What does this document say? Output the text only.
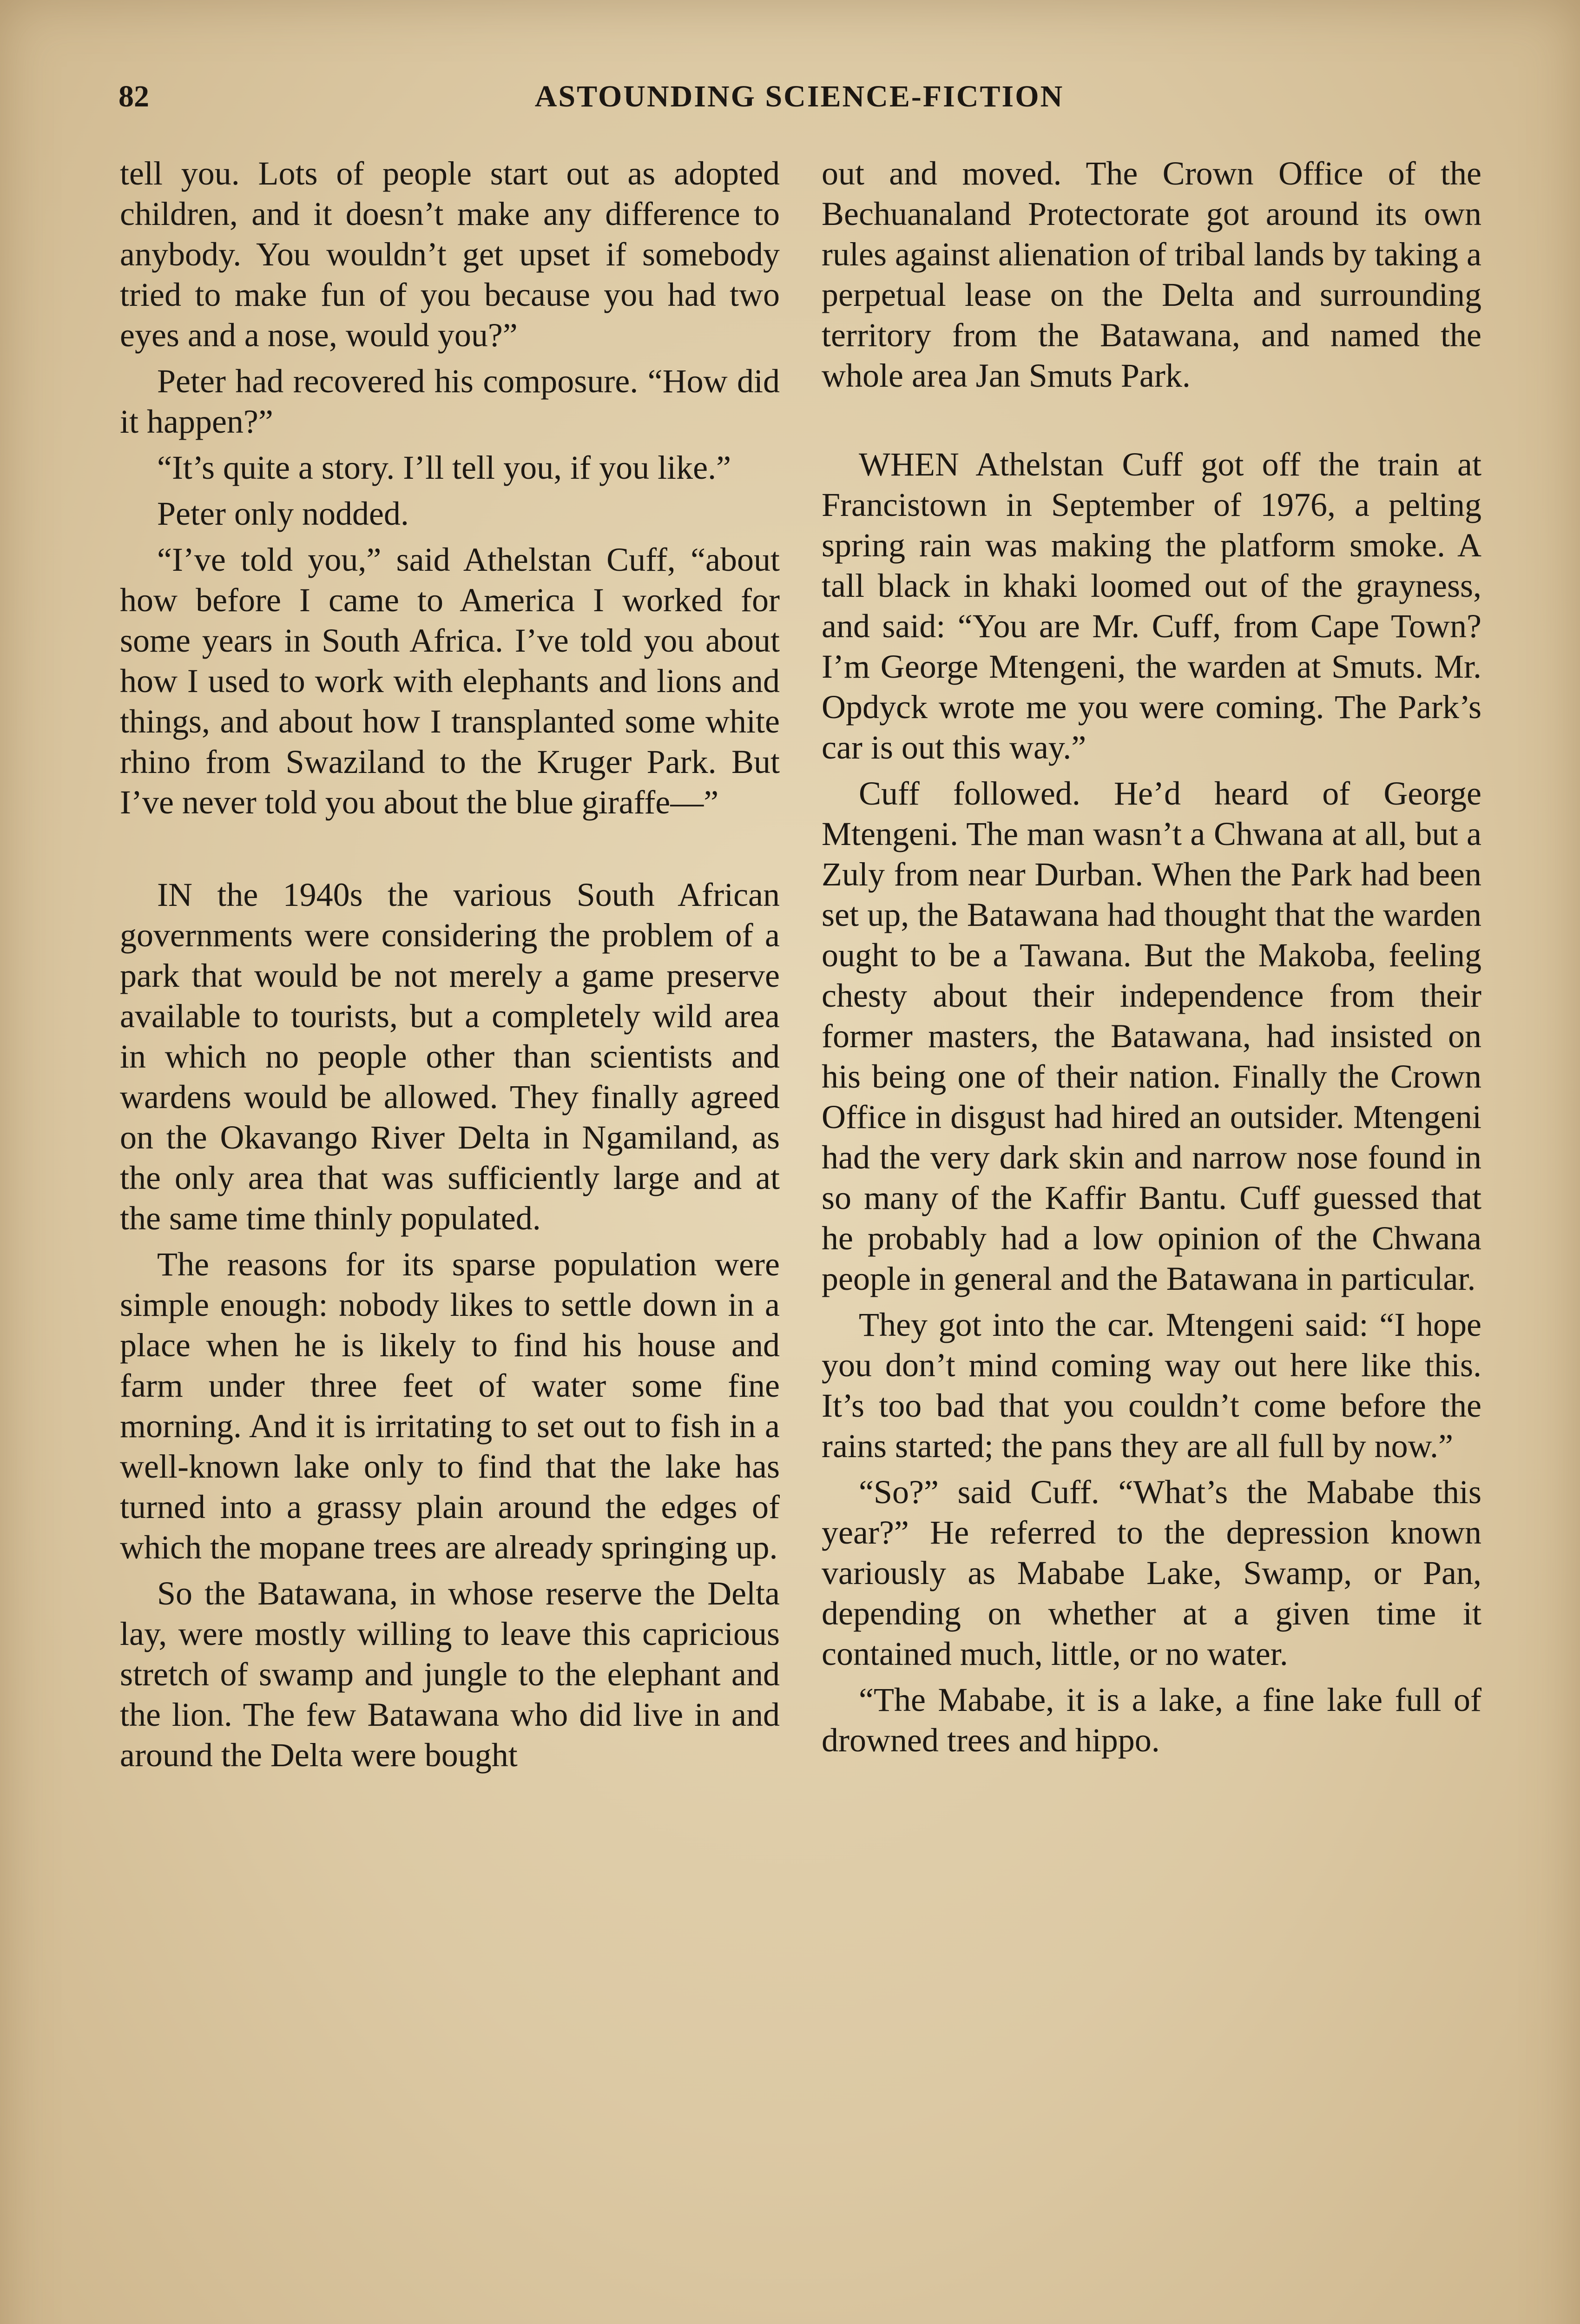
82	ASTOUNDING SCIENCE-FICTION

tell you. Lots of people start out as adopted children, and it doesn’t make any difference to anybody. You wouldn’t get upset if somebody tried to make fun of you because you had two eyes and a nose, would you?”

Peter had recovered his composure. “How did it happen?”

“It’s quite a story. I’ll tell you, if you like.”

Peter only nodded.

“I’ve told you,” said Athelstan Cuff, “about how before I came to America I worked for some years in South Africa. I’ve told you about how I used to work with elephants and lions and things, and about how I transplanted some white rhino from Swaziland to the Kruger Park. But I’ve never told you about the blue giraffe—”

IN the 1940s the various South African governments were considering the problem of a park that would be not merely a game preserve available to tourists, but a completely wild area in which no people other than scientists and wardens would be allowed. They finally agreed on the Okavango River Delta in Ngamiland, as the only area that was sufficiently large and at the same time thinly populated.

The reasons for its sparse population were simple enough: nobody likes to settle down in a place when he is likely to find his house and farm under three feet of water some fine morning. And it is irritating to set out to fish in a well-known lake only to find that the lake has turned into a grassy plain around the edges of which the mopane trees are already springing up.

So the Batawana, in whose reserve the Delta lay, were mostly willing to leave this capricious stretch of swamp and jungle to the elephant and the lion. The few Batawana who did live in and around the Delta were bought

out and moved. The Crown Office of the Bechuanaland Protectorate got around its own rules against alienation of tribal lands by taking a perpetual lease on the Delta and surrounding territory from the Batawana, and named the whole area Jan Smuts Park.

WHEN Athelstan Cuff got off the train at Francistown in September of 1976, a pelting spring rain was making the platform smoke. A tall black in khaki loomed out of the grayness, and said: “You are Mr. Cuff, from Cape Town? I’m George Mtengeni, the warden at Smuts. Mr. Opdyck wrote me you were coming. The Park’s car is out this way.”

Cuff followed. He’d heard of George Mtengeni. The man wasn’t a Chwana at all, but a Zuly from near Durban. When the Park had been set up, the Batawana had thought that the warden ought to be a Tawana. But the Makoba, feeling chesty about their independence from their former masters, the Batawana, had insisted on his being one of their nation. Finally the Crown Office in disgust had hired an outsider. Mtengeni had the very dark skin and narrow nose found in so many of the Kaffir Bantu. Cuff guessed that he probably had a low opinion of the Chwana people in general and the Batawana in particular.

They got into the car. Mtengeni said: “I hope you don’t mind coming way out here like this. It’s too bad that you couldn’t come before the rains started; the pans they are all full by now.”

“So?” said Cuff. “What’s the Mababe this year?” He referred to the depression known variously as Mababe Lake, Swamp, or Pan, depending on whether at a given time it contained much, little, or no water.

“The Mababe, it is a lake, a fine lake full of drowned trees and hippo.
